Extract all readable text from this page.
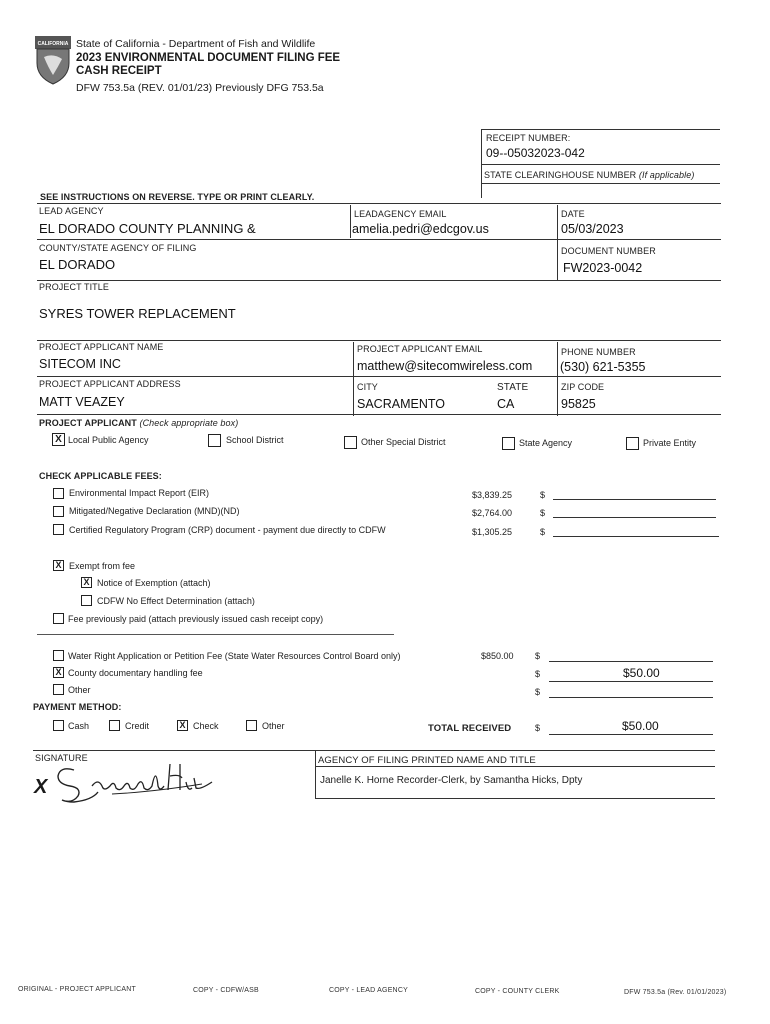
CALIFORNIA State of California - Department of Fish and Wildlife
2023 ENVIRONMENTAL DOCUMENT FILING FEE
CASH RECEIPT
DFW 753.5a (REV. 01/01/23) Previously DFG 753.5a
RECEIPT NUMBER:
09--05032023-042
STATE CLEARINGHOUSE NUMBER (If applicable)
SEE INSTRUCTIONS ON REVERSE. TYPE OR PRINT CLEARLY.
LEAD AGENCY
EL DORADO COUNTY PLANNING &
LEADAGENCY EMAIL
amelia.pedri@edcgov.us
DATE
05/03/2023
COUNTY/STATE AGENCY OF FILING
EL DORADO
DOCUMENT NUMBER
FW2023-0042
PROJECT TITLE
SYRES TOWER REPLACEMENT
PROJECT APPLICANT NAME
SITECOM INC
PROJECT APPLICANT EMAIL
matthew@sitecomwireless.com
PHONE NUMBER
(530) 621-5355
PROJECT APPLICANT ADDRESS
MATT VEAZEY
CITY
SACRAMENTO
STATE
CA
ZIP CODE
95825
PROJECT APPLICANT (Check appropriate box)
X Local Public Agency	School District	Other Special District	State Agency	Private Entity
CHECK APPLICABLE FEES:
Environmental Impact Report (EIR)	$3,839.25	$
Mitigated/Negative Declaration (MND)(ND)	$2,764.00	$
Certified Regulatory Program (CRP) document - payment due directly to CDFW	$1,305.25	$
X Exempt from fee
X Notice of Exemption (attach)
CDFW No Effect Determination (attach)
Fee previously paid (attach previously issued cash receipt copy)
Water Right Application or Petition Fee (State Water Resources Control Board only)	$850.00 $
X County documentary handling fee	$	$50.00
Other	$
PAYMENT METHOD:
Cash	Credit	X Check	Other	TOTAL RECEIVED	$	$50.00
SIGNATURE
X
AGENCY OF FILING PRINTED NAME AND TITLE
Janelle K. Horne Recorder-Clerk, by Samantha Hicks, Dpty
ORIGINAL - PROJECT APPLICANT	COPY - CDFW/ASB	COPY - LEAD AGENCY	COPY - COUNTY CLERK	DFW 753.5a (Rev. 01/01/2023)
